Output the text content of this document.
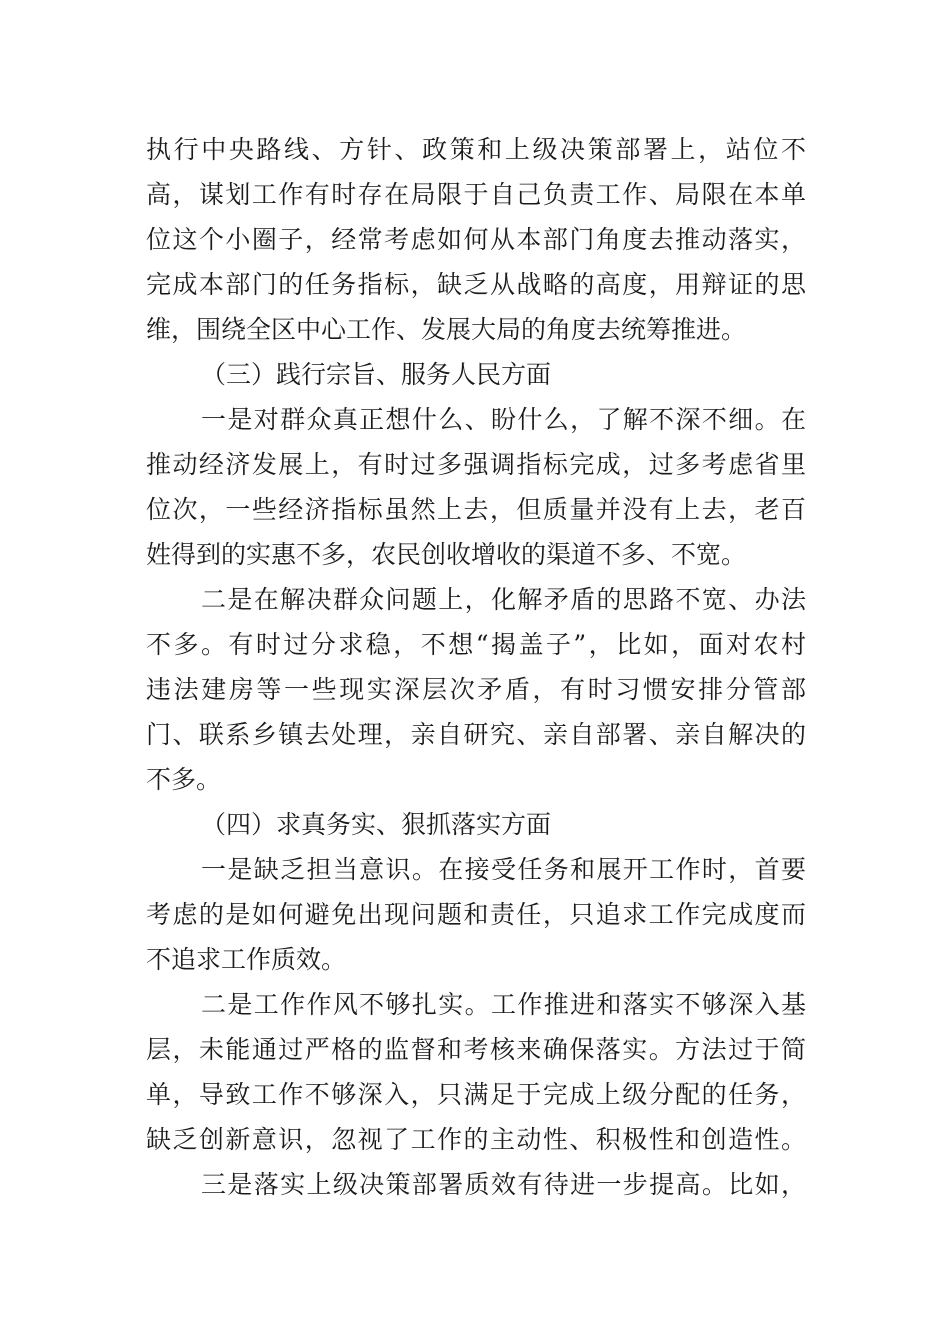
执行中央路线、方针、政策和上级决策部署上，站位不
高，谋划工作有时存在局限于自己负责工作、局限在本单
位这个小圈子，经常考虑如何从本部门角度去推动落实，
完成本部门的任务指标，缺乏从战略的高度，用辩证的思
维，围绕全区中心工作、发展大局的角度去统筹推进。
（三）践行宗旨、服务人民方面
一是对群众真正想什么、盼什么，了解不深不细。在
推动经济发展上，有时过多强调指标完成，过多考虑省里
位次，一些经济指标虽然上去，但质量并没有上去，老百
姓得到的实惠不多，农民创收增收的渠道不多、不宽。
二是在解决群众问题上，化解矛盾的思路不宽、办法
不多。有时过分求稳，不想“揭盖子”，比如，面对农村
违法建房等一些现实深层次矛盾，有时习惯安排分管部
门、联系乡镇去处理，亲自研究、亲自部署、亲自解决的
不多。
（四）求真务实、狠抓落实方面
一是缺乏担当意识。在接受任务和展开工作时，首要
考虑的是如何避免出现问题和责任，只追求工作完成度而
不追求工作质效。
二是工作作风不够扎实。工作推进和落实不够深入基
层，未能通过严格的监督和考核来确保落实。方法过于简
单，导致工作不够深入，只满足于完成上级分配的任务，
缺乏创新意识，忽视了工作的主动性、积极性和创造性。
三是落实上级决策部署质效有待进一步提高。比如，
